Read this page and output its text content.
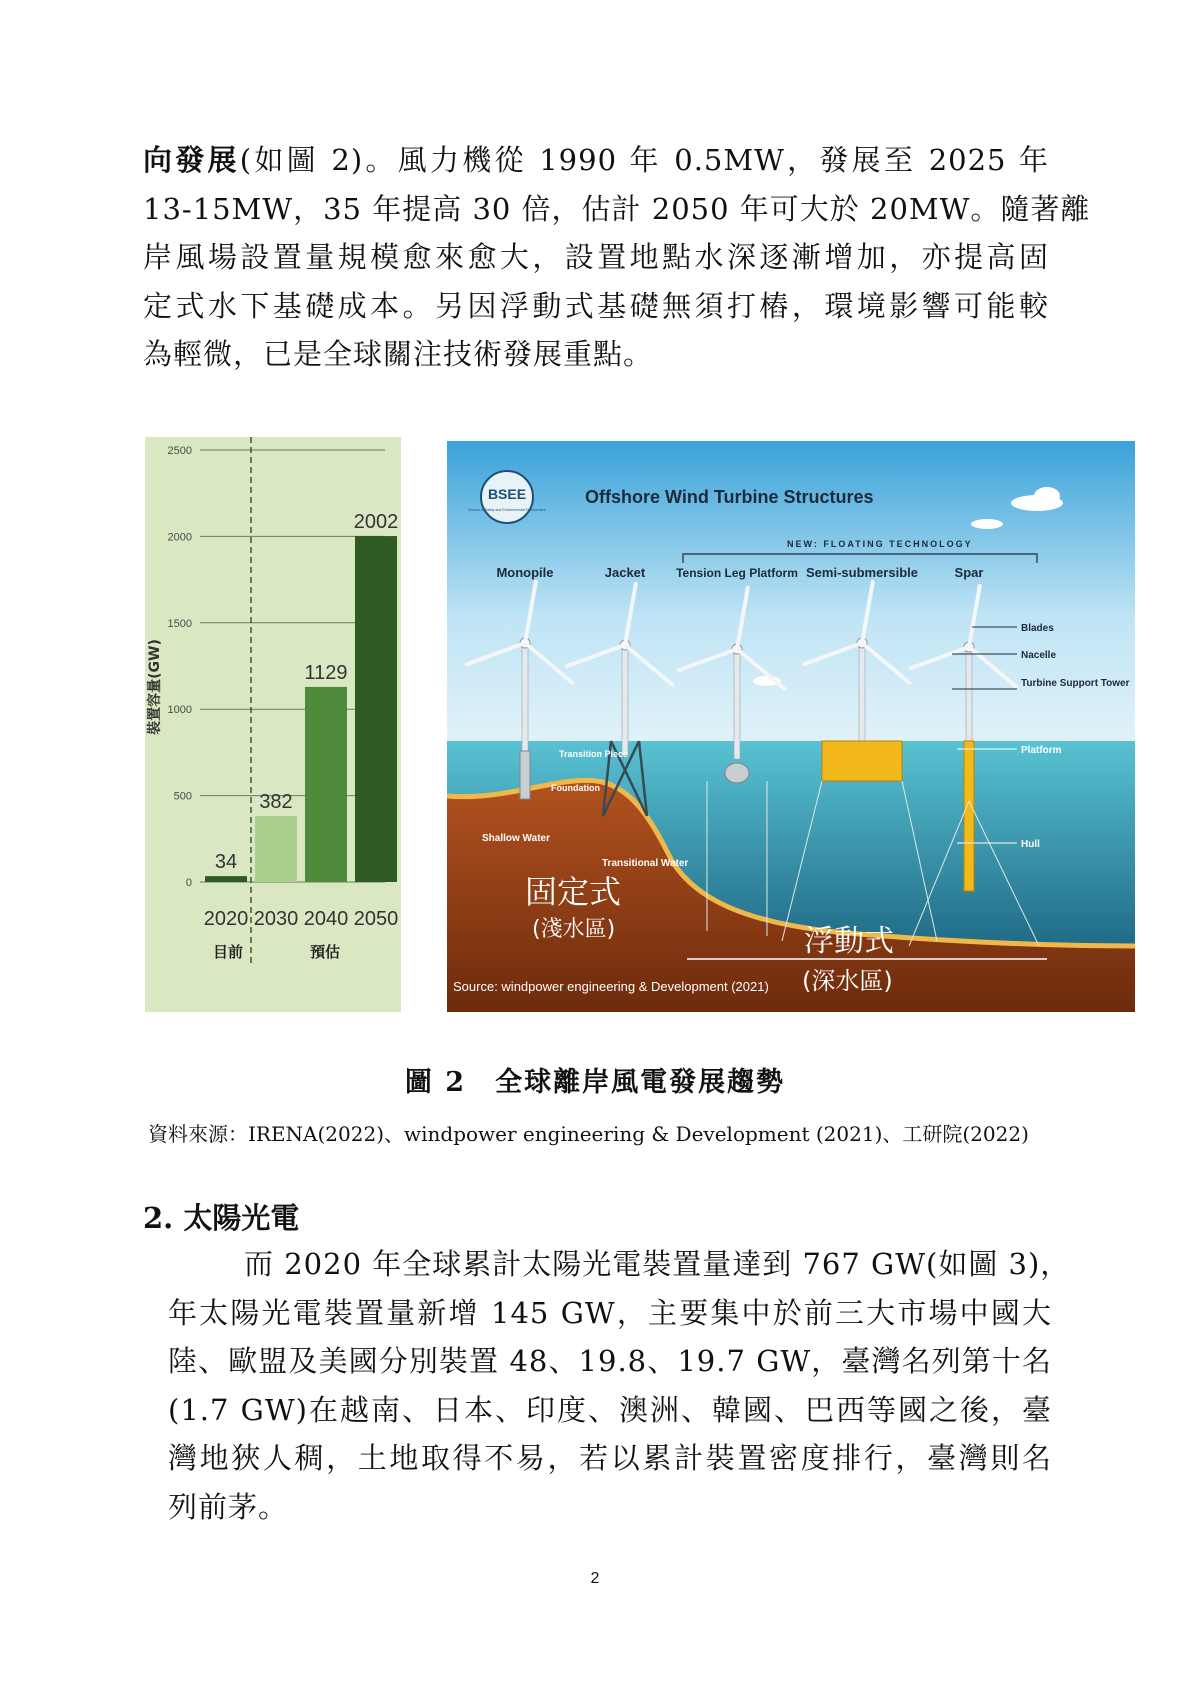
向發展(如圖 2)。風力機從 1990 年 0.5MW，發展至 2025 年
13-15MW，35 年提高 30 倍，估計 2050 年可大於 20MW。隨著離
岸風場設置量規模愈來愈大，設置地點水深逐漸增加，亦提高固
定式水下基礎成本。另因浮動式基礎無須打樁，環境影響可能較
為輕微，已是全球關注技術發展重點。
0
500
1000
1500
2000
2500
裝置容量(GW)
34
2020
382
2030
1129
2040
2002
2050
目前	預估
BSEE
Bureau of Safety and Environmental Enforcement
Offshore Wind Turbine Structures
NEW: FLOATING TECHNOLOGY
Monopile	Jacket	Tension Leg Platform Semi-submersible	Spar
Blades
Nacelle
Turbine Support Tower
Platform
Hull
Transition Piece
Foundation
Shallow Water
Transitional Water
固定式
(淺水區)	浮動式
(深水區)
Source: windpower engineering & Development (2021)
圖 2　全球離岸風電發展趨勢
資料來源：IRENA(2022)、windpower engineering & Development (2021)、工研院(2022)
2. 太陽光電
而 2020 年全球累計太陽光電裝置量達到 767 GW(如圖 3)，
年太陽光電裝置量新增 145 GW，主要集中於前三大市場中國大
陸、歐盟及美國分別裝置 48、19.8、19.7 GW，臺灣名列第十名
(1.7 GW)在越南、日本、印度、澳洲、韓國、巴西等國之後，臺
灣地狹人稠，土地取得不易，若以累計裝置密度排行，臺灣則名
列前茅。
2
